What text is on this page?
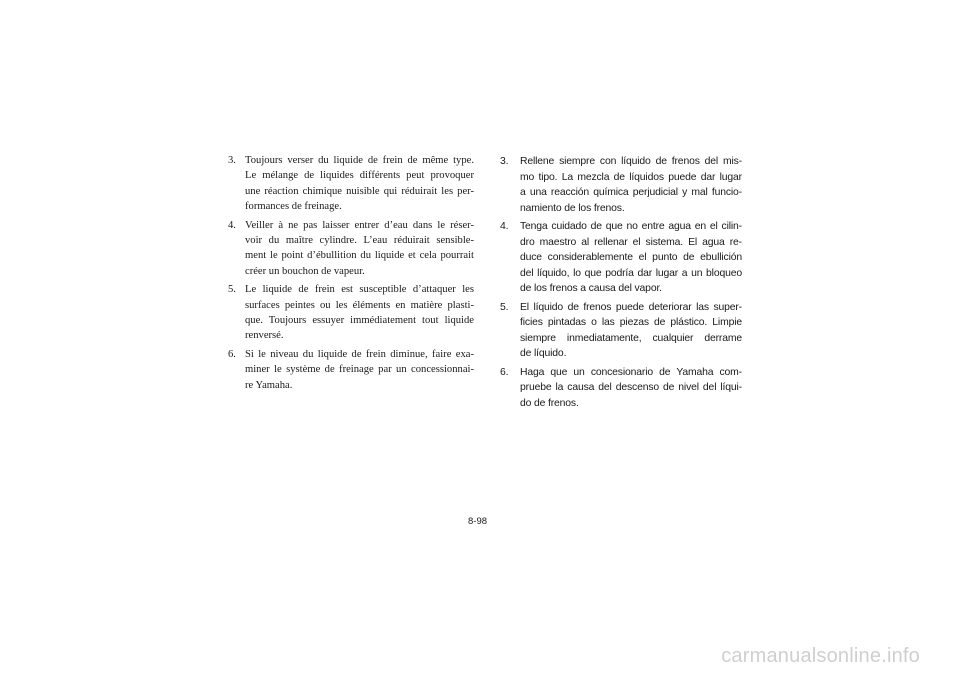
3. Toujours verser du liquide de frein de même type.
Le mélange de liquides différents peut provoquer
une réaction chimique nuisible qui réduirait les per-
formances de freinage.
4. Veiller à ne pas laisser entrer d’eau dans le réser-
voir du maître cylindre. L’eau réduirait sensible-
ment le point d’ébullition du liquide et cela pourrait
créer un bouchon de vapeur.
5. Le liquide de frein est susceptible d’attaquer les
surfaces peintes ou les éléments en matière plasti-
que. Toujours essuyer immédiatement tout liquide
renversé.
6. Si le niveau du liquide de frein diminue, faire exa-
miner le système de freinage par un concessionnai-
re Yamaha.
3. Rellene siempre con líquido de frenos del mis-
mo tipo. La mezcla de líquidos puede dar lugar
a una reacción química perjudicial y mal funcio-
namiento de los frenos.
4. Tenga cuidado de que no entre agua en el cilin-
dro maestro al rellenar el sistema. El agua re-
duce considerablemente el punto de ebullición
del líquido, lo que podría dar lugar a un bloqueo
de los frenos a causa del vapor.
5. El líquido de frenos puede deteriorar las super-
ficies pintadas o las piezas de plástico. Limpie
siempre inmediatamente, cualquier derrame
de líquido.
6. Haga que un concesionario de Yamaha com-
pruebe la causa del descenso de nivel del líqui-
do de frenos.
8-98
carmanualsonline.info
